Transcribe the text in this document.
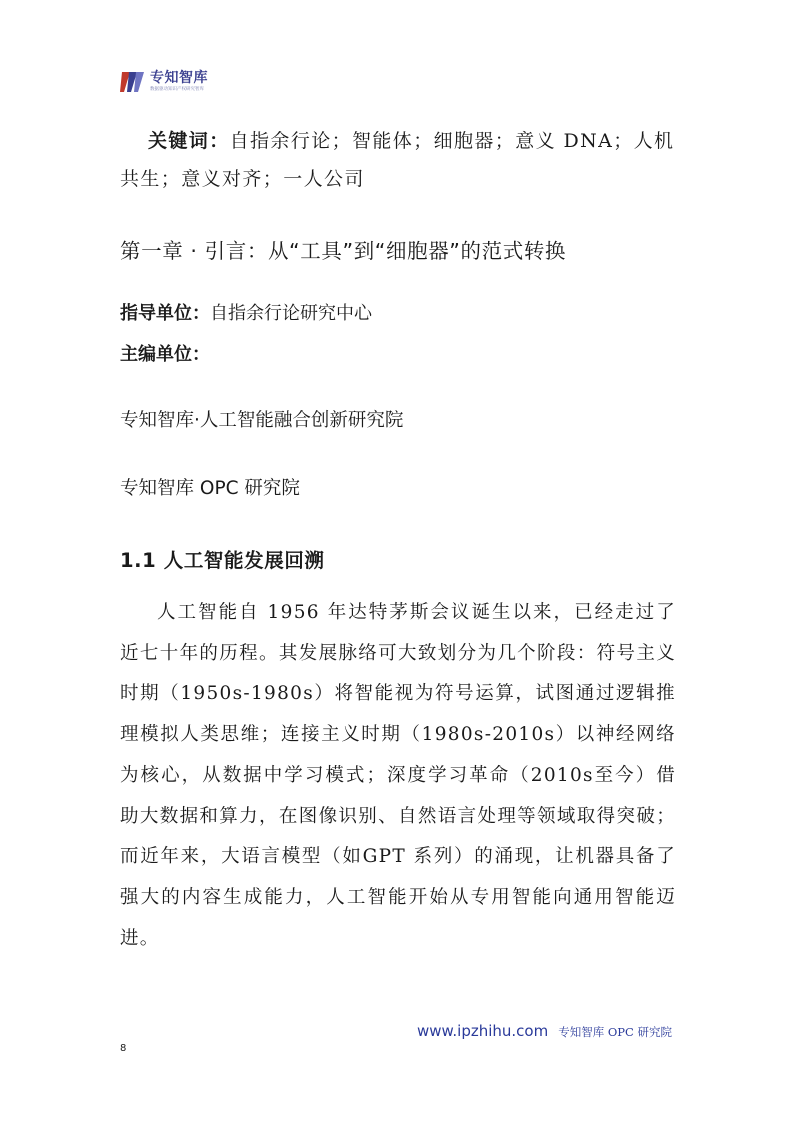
专知智库
数据驱动知识产权研究智库
关键词：自指余行论；智能体；细胞器；意义 DNA；人机共生；意义对齐；一人公司
第一章 · 引言：从“工具”到“细胞器”的范式转换
指导单位：自指余行论研究中心
主编单位：
专知智库·人工智能融合创新研究院
专知智库 OPC 研究院
1.1 人工智能发展回溯

人工智能自 1956 年达特茅斯会议诞生以来，已经走过了近七十年的历程。其发展脉络可大致划分为几个阶段：符号主义时期（1950s-1980s）将智能视为符号运算，试图通过逻辑推理模拟人类思维；连接主义时期（1980s-2010s）以神经网络为核心，从数据中学习模式；深度学习革命（2010s至今）借助大数据和算力，在图像识别、自然语言处理等领域取得突破；而近年来，大语言模型（如GPT 系列）的涌现，让机器具备了强大的内容生成能力，人工智能开始从专用智能向通用智能迈进。

www.ipzhihu.com 专知智库 OPC 研究院
8
